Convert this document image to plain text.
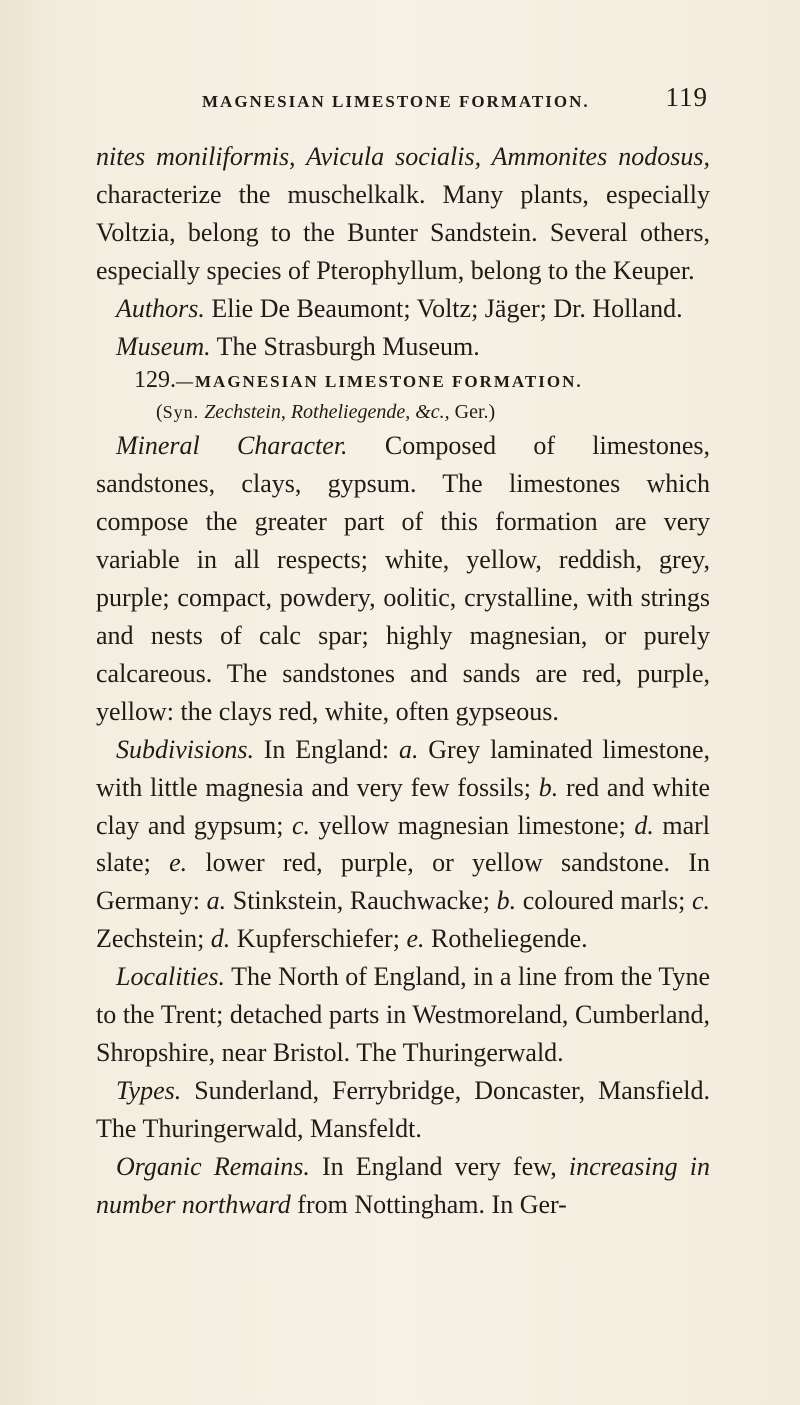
MAGNESIAN LIMESTONE FORMATION.	119

nites moniliformis, Avicula socialis, Ammonites nodosus, characterize the muschelkalk. Many plants, especially Voltzia, belong to the Bunter Sandstein. Several others, especially species of Pterophyllum, belong to the Keuper.

Authors. Elie De Beaumont; Voltz; Jäger; Dr. Holland.

Museum. The Strasburgh Museum.

129.—MAGNESIAN LIMESTONE FORMATION.

(Syn. Zechstein, Rotheliegende, &c., Ger.)

Mineral Character. Composed of limestones, sandstones, clays, gypsum. The limestones which compose the greater part of this formation are very variable in all respects; white, yellow, reddish, grey, purple; compact, powdery, oolitic, crystalline, with strings and nests of calc spar; highly magnesian, or purely calcareous. The sandstones and sands are red, purple, yellow: the clays red, white, often gypseous.

Subdivisions. In England: a. Grey laminated limestone, with little magnesia and very few fossils; b. red and white clay and gypsum; c. yellow magnesian limestone; d. marl slate; e. lower red, purple, or yellow sandstone. In Germany: a. Stinkstein, Rauchwacke; b. coloured marls; c. Zechstein; d. Kupferschiefer; e. Rotheliegende.

Localities. The North of England, in a line from the Tyne to the Trent; detached parts in Westmoreland, Cumberland, Shropshire, near Bristol. The Thuringerwald.

Types. Sunderland, Ferrybridge, Doncaster, Mansfield. The Thuringerwald, Mansfeldt.

Organic Remains. In England very few, increasing in number northward from Nottingham. In Ger-
